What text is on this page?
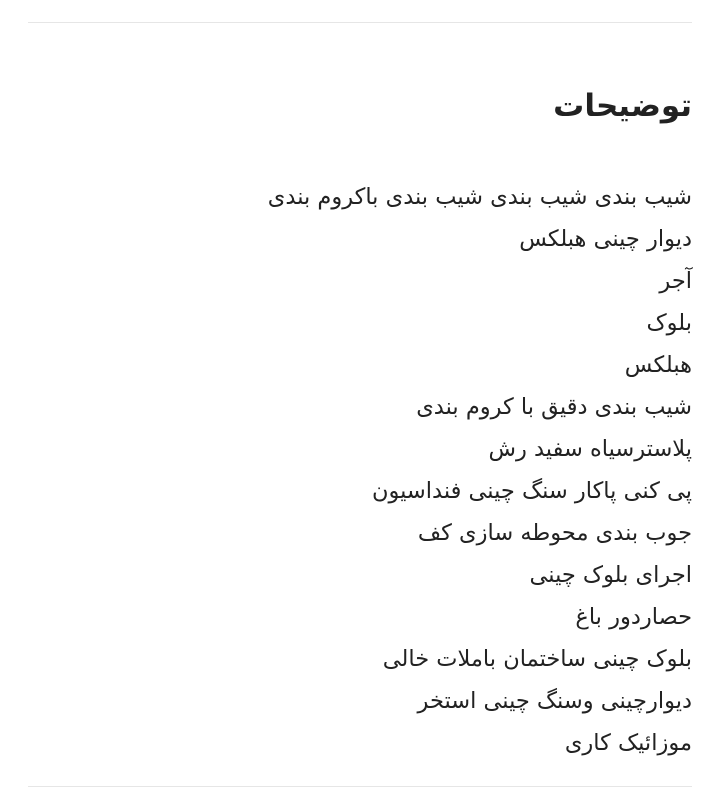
توضیحات
شیب بندی شیب بندی شیب بندی باکروم بندی
دیوار چینی هبلکس
آجر
بلوک
هبلکس
شیب بندی دقیق با کروم بندی
پلاسترسیاه سفید رش
پی کنی پاکار سنگ چینی فنداسیون
جوب بندی محوطه سازی کف
اجرای بلوک چینی
حصاردور باغ
بلوک چینی ساختمان باملات خالی
دیوارچینی وسنگ چینی استخر
موزائیک کاری
